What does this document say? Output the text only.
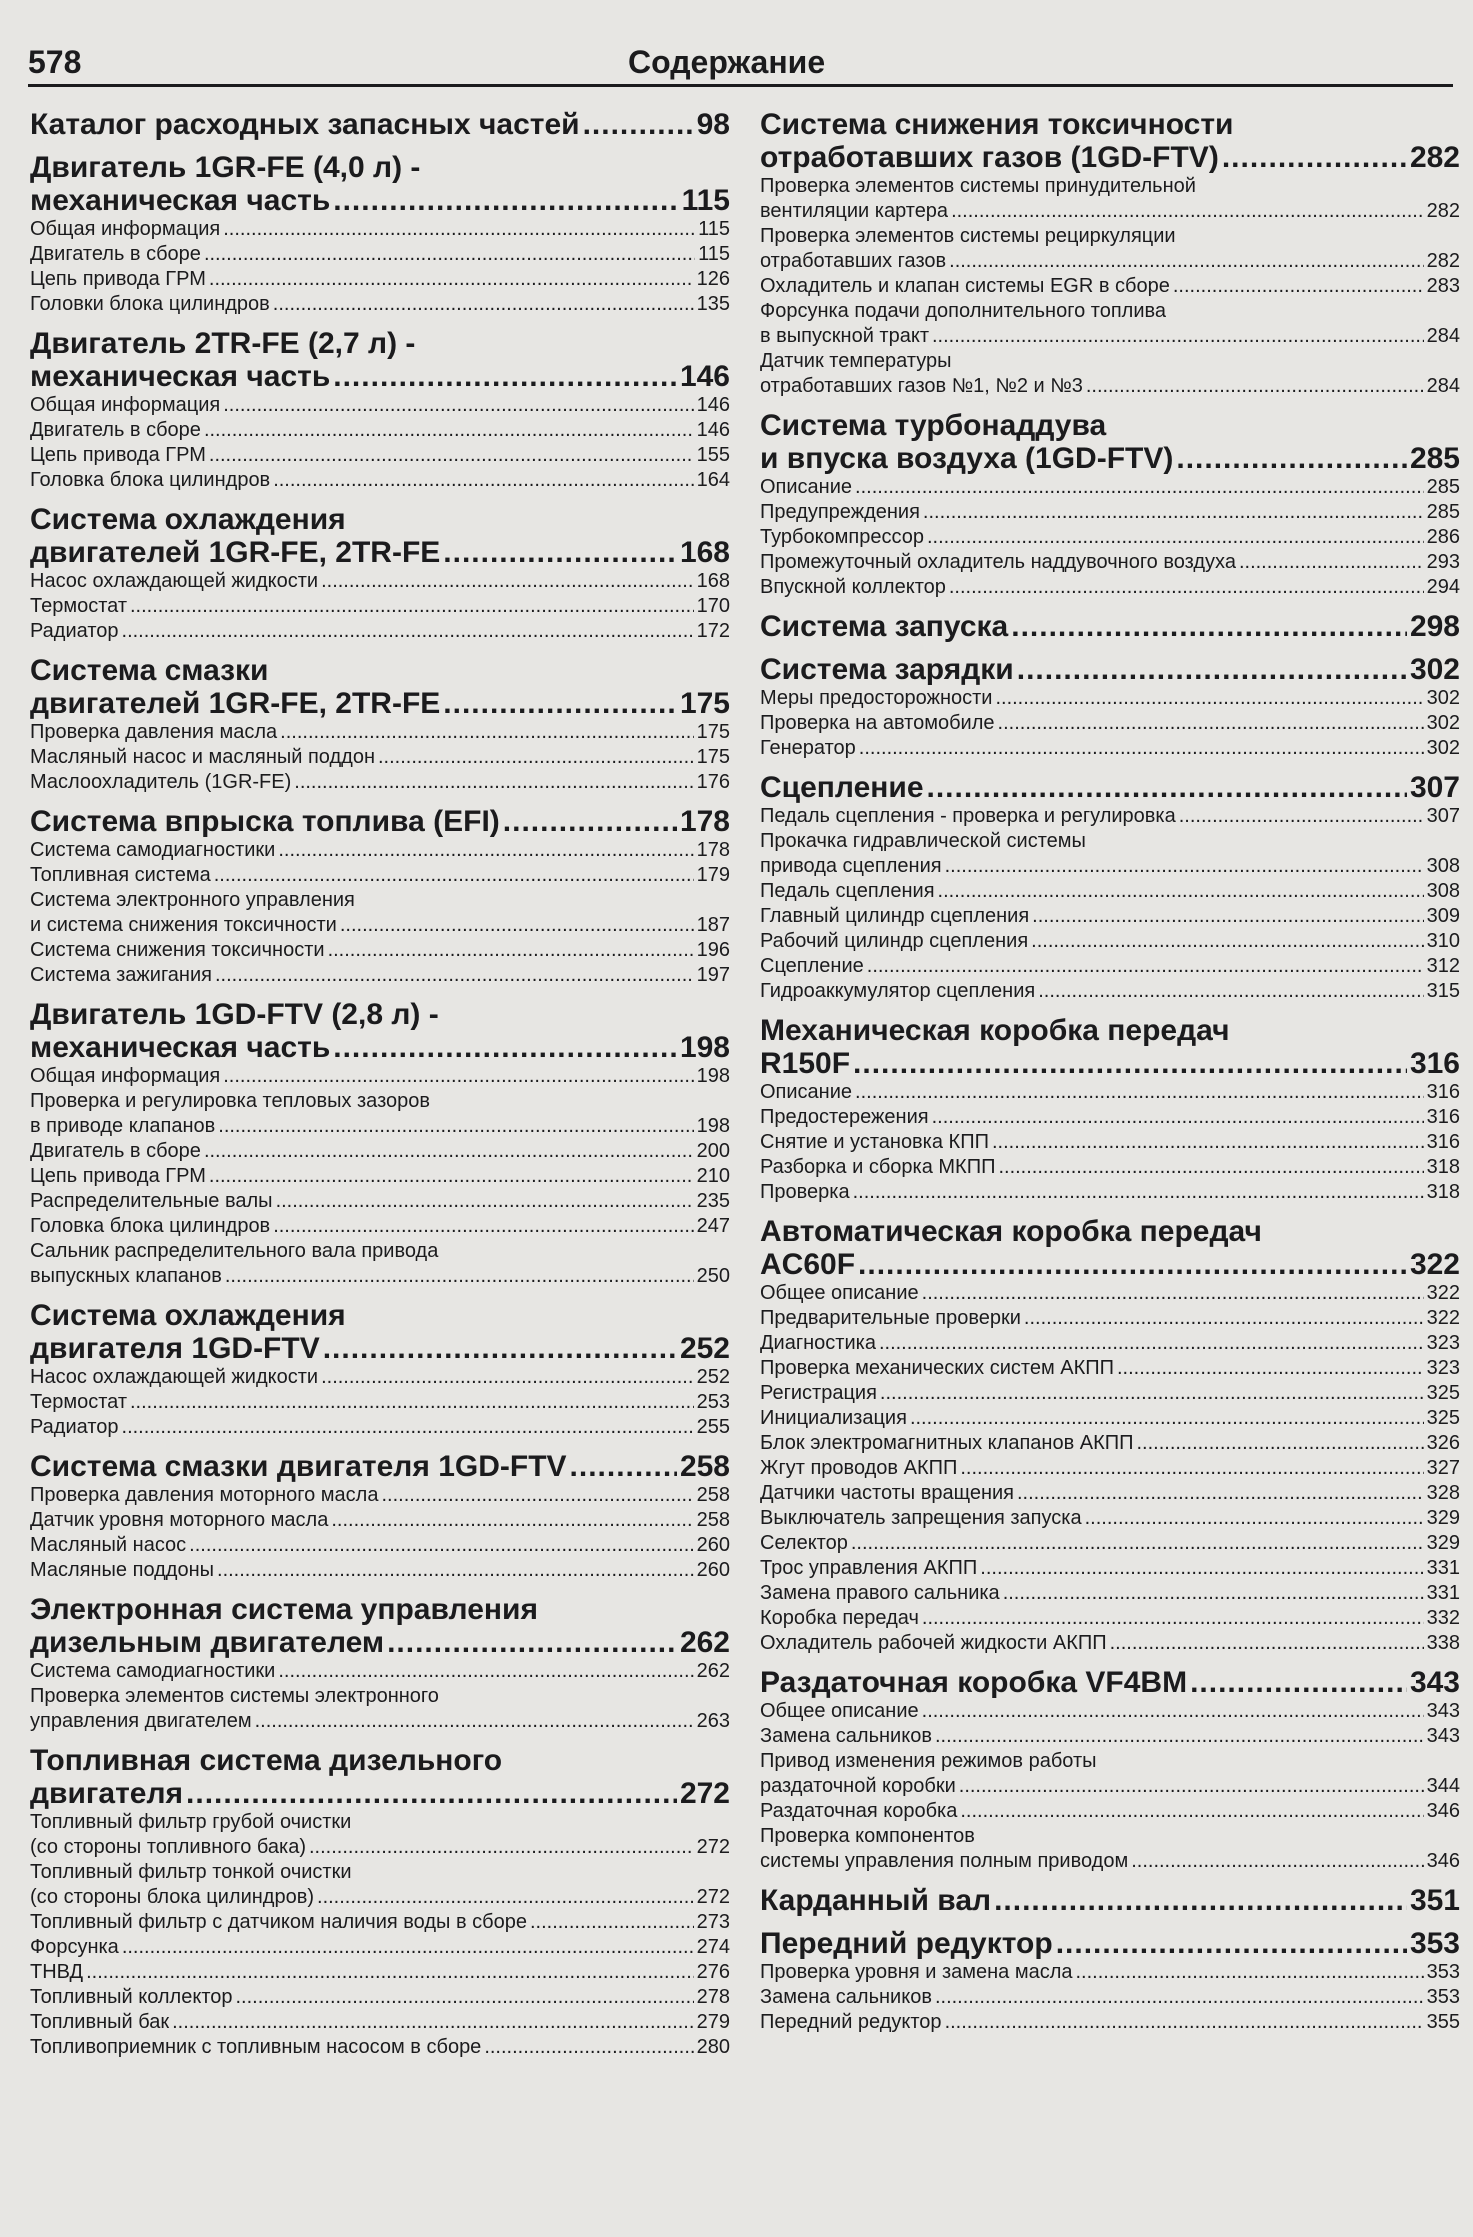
578	Содержание
Каталог расходных запасных частей .....	98
Двигатель 1GR-FE (4,0 л) -
механическая часть .....	115
Общая информация .....	115
Двигатель в сборе .....	115
Цепь привода ГРМ .....	126
Головки блока цилиндров .....	135
Двигатель 2TR-FE (2,7 л) -
механическая часть .....	146
Общая информация .....	146
Двигатель в сборе .....	146
Цепь привода ГРМ .....	155
Головка блока цилиндров .....	164
Система охлаждения
двигателей 1GR-FE, 2TR-FE .....	168
Насос охлаждающей жидкости .....	168
Термостат .....	170
Радиатор .....	172
Система смазки
двигателей 1GR-FE, 2TR-FE .....	175
Проверка давления масла .....	175
Масляный насос и масляный поддон .....	175
Маслоохладитель (1GR-FE) .....	176
Система впрыска топлива (EFI) .....	178
Система самодиагностики .....	178
Топливная система .....	179
Система электронного управления
и система снижения токсичности .....	187
Система снижения токсичности .....	196
Система зажигания .....	197
Двигатель 1GD-FTV (2,8 л) -
механическая часть .....	198
Общая информация .....	198
Проверка и регулировка тепловых зазоров
в приводе клапанов .....	198
Двигатель в сборе .....	200
Цепь привода ГРМ .....	210
Распределительные валы .....	235
Головка блока цилиндров .....	247
Сальник распределительного вала привода
выпускных клапанов .....	250
Система охлаждения
двигателя 1GD-FTV .....	252
Насос охлаждающей жидкости .....	252
Термостат .....	253
Радиатор .....	255
Система смазки двигателя 1GD-FTV .....	258
Проверка давления моторного масла .....	258
Датчик уровня моторного масла .....	258
Масляный насос .....	260
Масляные поддоны .....	260
Электронная система управления
дизельным двигателем .....	262
Система самодиагностики .....	262
Проверка элементов системы электронного
управления двигателем .....	263
Топливная система дизельного
двигателя .....	272
Топливный фильтр грубой очистки
(со стороны топливного бака) .....	272
Топливный фильтр тонкой очистки
(со стороны блока цилиндров) .....	272
Топливный фильтр с датчиком наличия воды в сборе .....	273
Форсунка .....	274
ТНВД .....	276
Топливный коллектор .....	278
Топливный бак .....	279
Топливоприемник с топливным насосом в сборе .....	280
Система снижения токсичности
отработавших газов (1GD-FTV) .....	282
Проверка элементов системы принудительной
вентиляции картера .....	282
Проверка элементов системы рециркуляции
отработавших газов .....	282
Охладитель и клапан системы EGR в сборе .....	283
Форсунка подачи дополнительного топлива
в выпускной тракт .....	284
Датчик температуры
отработавших газов №1, №2 и №3 .....	284
Система турбонаддува
и впуска воздуха (1GD-FTV) .....	285
Описание .....	285
Предупреждения .....	285
Турбокомпрессор .....	286
Промежуточный охладитель наддувочного воздуха .....	293
Впускной коллектор .....	294
Система запуска .....	298
Система зарядки .....	302
Меры предосторожности .....	302
Проверка на автомобиле .....	302
Генератор .....	302
Сцепление .....	307
Педаль сцепления - проверка и регулировка .....	307
Прокачка гидравлической системы
привода сцепления .....	308
Педаль сцепления .....	308
Главный цилиндр сцепления .....	309
Рабочий цилиндр сцепления .....	310
Сцепление .....	312
Гидроаккумулятор сцепления .....	315
Механическая коробка передач
R150F .....	316
Описание .....	316
Предостережения .....	316
Снятие и установка КПП .....	316
Разборка и сборка МКПП .....	318
Проверка .....	318
Автоматическая коробка передач
AC60F .....	322
Общее описание .....	322
Предварительные проверки .....	322
Диагностика .....	323
Проверка механических систем АКПП .....	323
Регистрация .....	325
Инициализация .....	325
Блок электромагнитных клапанов АКПП .....	326
Жгут проводов АКПП .....	327
Датчики частоты вращения .....	328
Выключатель запрещения запуска .....	329
Селектор .....	329
Трос управления АКПП .....	331
Замена правого сальника .....	331
Коробка передач .....	332
Охладитель рабочей жидкости АКПП .....	338
Раздаточная коробка VF4BM .....	343
Общее описание .....	343
Замена сальников .....	343
Привод изменения режимов работы
раздаточной коробки .....	344
Раздаточная коробка .....	346
Проверка компонентов
системы управления полным приводом .....	346
Карданный вал .....	351
Передний редуктор .....	353
Проверка уровня и замена масла .....	353
Замена сальников .....	353
Передний редуктор .....	355
